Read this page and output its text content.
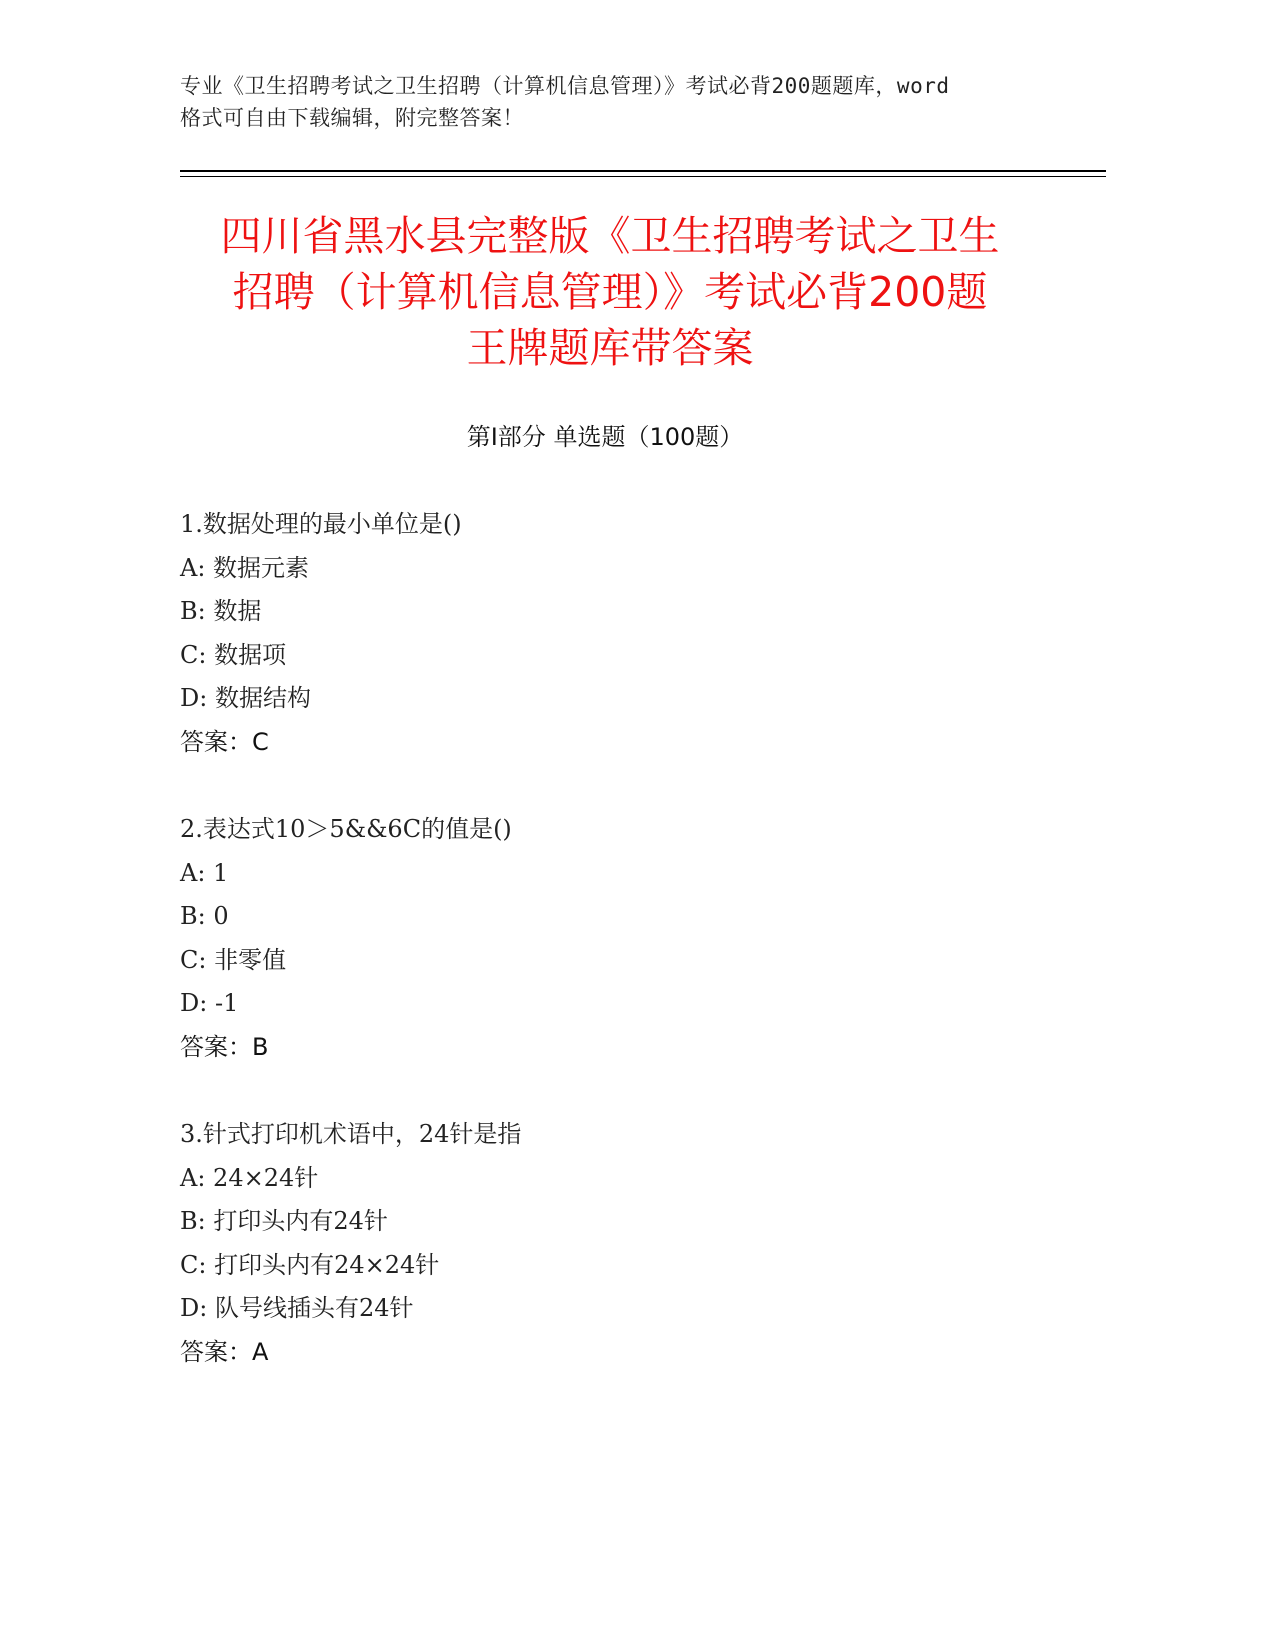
专业《卫生招聘考试之卫生招聘（计算机信息管理）》考试必背200题题库，word
格式可自由下载编辑，附完整答案！
四川省黑水县完整版《卫生招聘考试之卫生
招聘（计算机信息管理）》考试必背200题
王牌题库带答案
第Ⅰ部分 单选题（100题）
1.数据处理的最小单位是()
A: 数据元素
B: 数据
C: 数据项
D: 数据结构
答案：C
2.表达式10＞5&&6C的值是()
A: 1
B: 0
C: 非零值
D: -1
答案：B
3.针式打印机术语中，24针是指
A: 24×24针
B: 打印头内有24针
C: 打印头内有24×24针
D: 队号线插头有24针
答案：A
